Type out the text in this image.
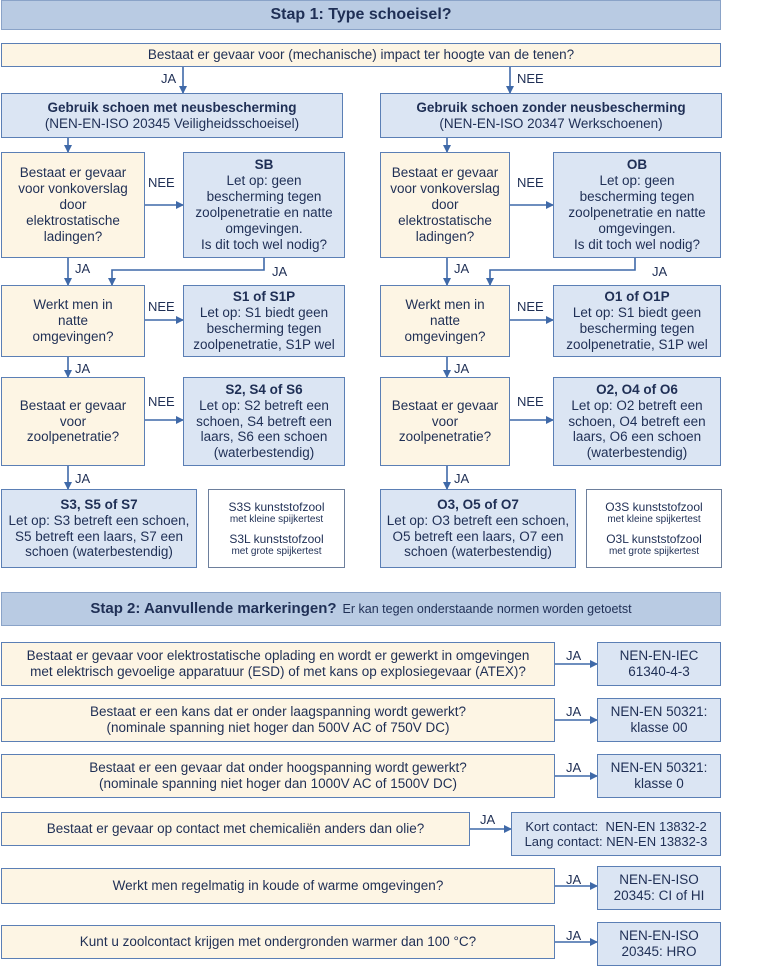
Stap 1: Type schoeisel?
Bestaat er gevaar voor (mechanische) impact ter hoogte van de tenen?
JA	NEE
Gebruik schoen met neusbescherming
(NEN-EN-ISO 20345 Veiligheidsschoeisel)
Gebruik schoen zonder neusbescherming
(NEN-EN-ISO 20347 Werkschoenen)
Bestaat er gevaar
voor vonkoverslag
door
elektrostatische
ladingen?
NEE
SB
Let op: geen
bescherming tegen
zoolpenetratie en natte
omgevingen.
Is dit toch wel nodig?
JA	JA
Werkt men in
natte
omgevingen?
NEE
S1 of S1P
Let op: S1 biedt geen
bescherming tegen
zoolpenetratie, S1P wel
JA
Bestaat er gevaar
voor
zoolpenetratie?
NEE
S2, S4 of S6
Let op: S2 betreft een
schoen, S4 betreft een
laars, S6 een schoen
(waterbestendig)
JA
S3, S5 of S7
Let op: S3 betreft een schoen,
S5 betreft een laars, S7 een
schoen (waterbestendig)
S3S kunststofzool
met kleine spijkertest
S3L kunststofzool
met grote spijkertest
Bestaat er gevaar
voor vonkoverslag
door
elektrostatische
ladingen?
NEE
OB
Let op: geen
bescherming tegen
zoolpenetratie en natte
omgevingen.
Is dit toch wel nodig?
JA	JA
Werkt men in
natte
omgevingen?
NEE
O1 of O1P
Let op: S1 biedt geen
bescherming tegen
zoolpenetratie, S1P wel
JA
Bestaat er gevaar
voor
zoolpenetratie?
NEE
O2, O4 of O6
Let op: O2 betreft een
schoen, O4 betreft een
laars, O6 een schoen
(waterbestendig)
JA
O3, O5 of O7
Let op: O3 betreft een schoen,
O5 betreft een laars, O7 een
schoen (waterbestendig)
O3S kunststofzool
met kleine spijkertest
O3L kunststofzool
met grote spijkertest
Stap 2: Aanvullende markeringen? Er kan tegen onderstaande normen worden getoetst
Bestaat er gevaar voor elektrostatische oplading en wordt er gewerkt in omgevingen
met elektrisch gevoelige apparatuur (ESD) of met kans op explosiegevaar (ATEX)?
JA	NEN-EN-IEC
61340-4-3
Bestaat er een kans dat er onder laagspanning wordt gewerkt?
(nominale spanning niet hoger dan 500V AC of 750V DC)
JA NEN-EN 50321:
klasse 00
Bestaat er een gevaar dat onder hoogspanning wordt gewerkt?
(nominale spanning niet hoger dan 1000V AC of 1500V DC)
JA NEN-EN 50321:
klasse 0
Bestaat er gevaar op contact met chemicaliën anders dan olie?
JA Kort contact:  NEN-EN 13832-2
Lang contact: NEN-EN 13832-3
Werkt men regelmatig in koude of warme omgevingen?	JA	NEN-EN-ISO
20345: CI of HI
Kunt u zoolcontact krijgen met ondergronden warmer dan 100 °C?	JA	NEN-EN-ISO
20345: HRO
